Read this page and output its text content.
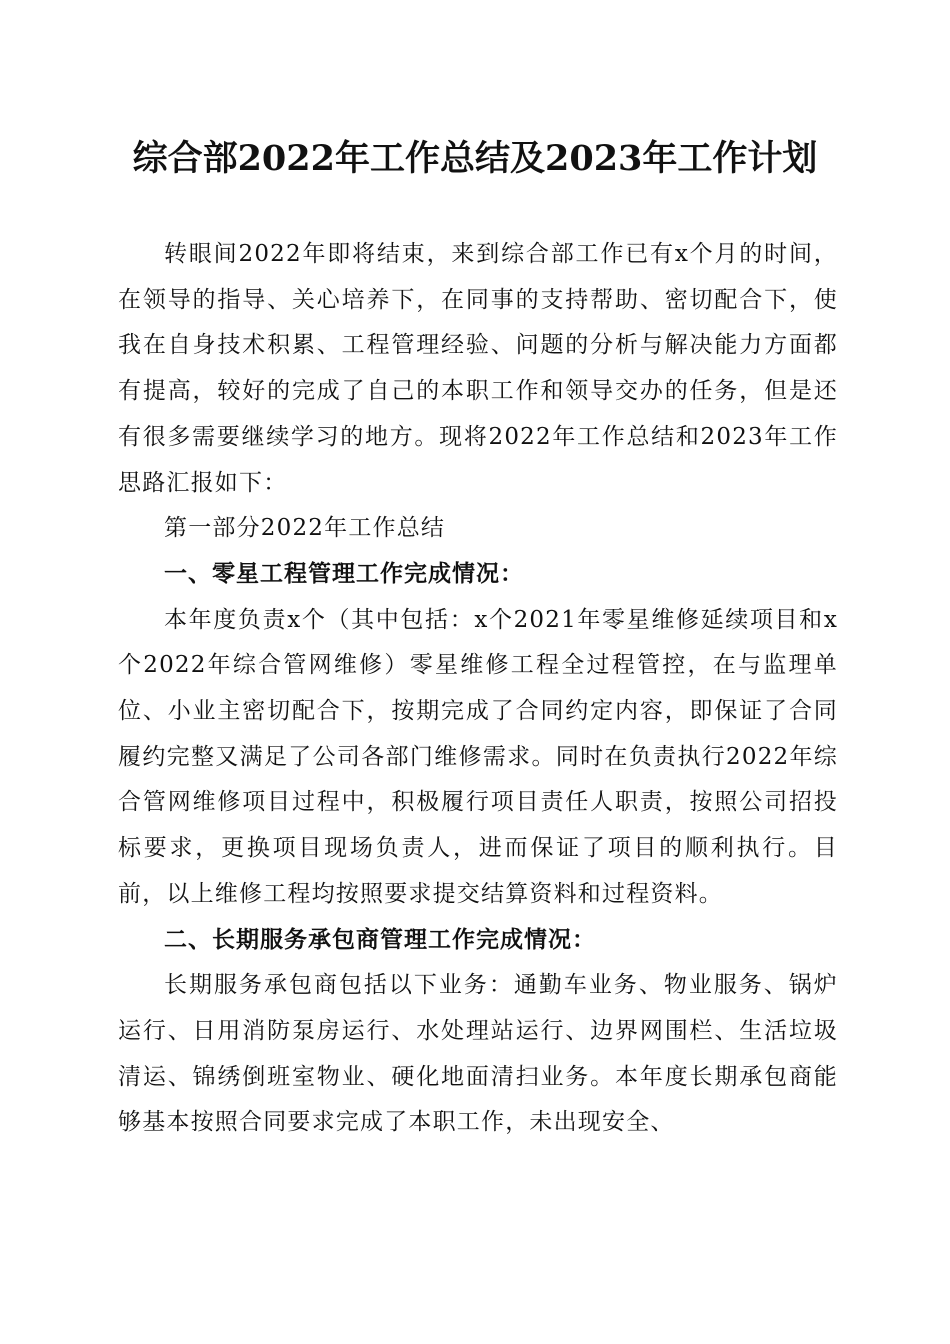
综合部2022年工作总结及2023年工作计划

转眼间2022年即将结束，来到综合部工作已有x个月的时间，在领导的指导、关心培养下，在同事的支持帮助、密切配合下，使我在自身技术积累、工程管理经验、问题的分析与解决能力方面都有提高，较好的完成了自己的本职工作和领导交办的任务，但是还有很多需要继续学习的地方。现将2022年工作总结和2023年工作思路汇报如下：

第一部分2022年工作总结

一、零星工程管理工作完成情况：

本年度负责x个（其中包括：x个2021年零星维修延续项目和x个2022年综合管网维修）零星维修工程全过程管控，在与监理单位、小业主密切配合下，按期完成了合同约定内容，即保证了合同履约完整又满足了公司各部门维修需求。同时在负责执行2022年综合管网维修项目过程中，积极履行项目责任人职责，按照公司招投标要求，更换项目现场负责人，进而保证了项目的顺利执行。目前，以上维修工程均按照要求提交结算资料和过程资料。

二、长期服务承包商管理工作完成情况：

长期服务承包商包括以下业务：通勤车业务、物业服务、锅炉运行、日用消防泵房运行、水处理站运行、边界网围栏、生活垃圾清运、锦绣倒班室物业、硬化地面清扫业务。本年度长期承包商能够基本按照合同要求完成了本职工作，未出现安全、
